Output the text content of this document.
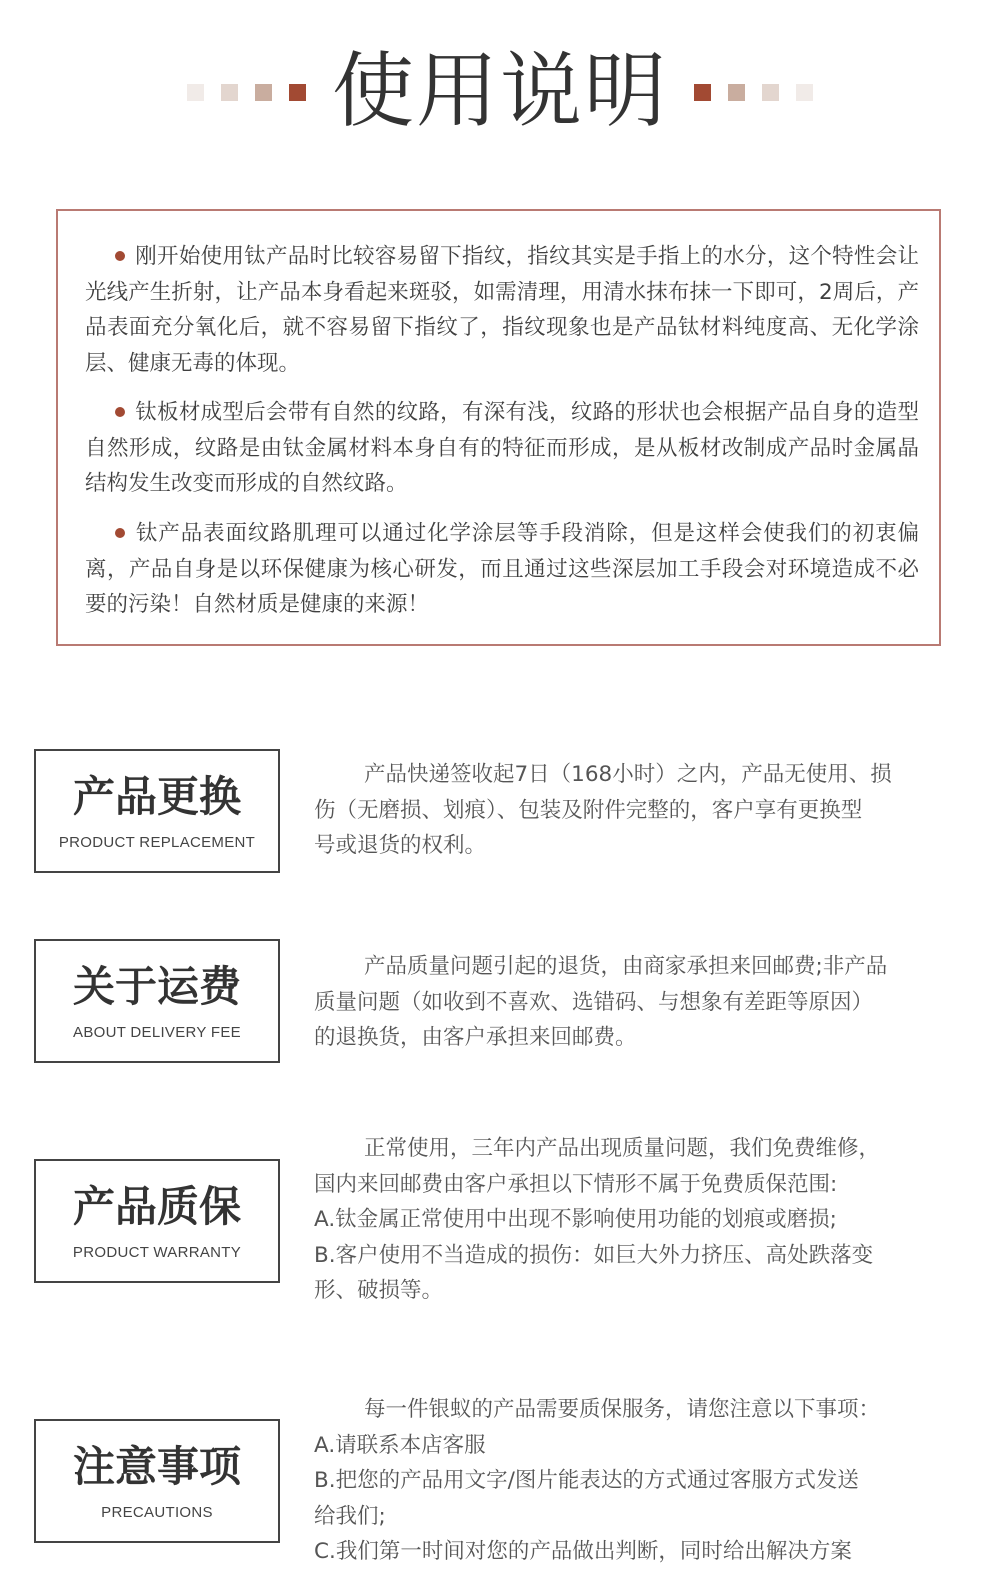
使用说明

刚开始使用钛产品时比较容易留下指纹，指纹其实是手指上的水分，这个特性会让光线产生折射，让产品本身看起来斑驳，如需清理，用清水抹布抹一下即可，2周后，产品表面充分氧化后，就不容易留下指纹了，指纹现象也是产品钛材料纯度高、无化学涂层、健康无毒的体现。

钛板材成型后会带有自然的纹路，有深有浅，纹路的形状也会根据产品自身的造型自然形成，纹路是由钛金属材料本身自有的特征而形成，是从板材改制成产品时金属晶结构发生改变而形成的自然纹路。

钛产品表面纹路肌理可以通过化学涂层等手段消除，但是这样会使我们的初衷偏离，产品自身是以环保健康为核心研发，而且通过这些深层加工手段会对环境造成不必要的污染！自然材质是健康的来源！

产品更换
PRODUCT REPLACEMENT
产品快递签收起7日（168小时）之内，产品无使用、损
伤（无磨损、划痕）、包装及附件完整的，客户享有更换型
号或退货的权利。
关于运费
ABOUT DELIVERY FEE
产品质量问题引起的退货，由商家承担来回邮费;非产品
质量问题（如收到不喜欢、选错码、与想象有差距等原因）
的退换货，由客户承担来回邮费。
产品质保
PRODUCT WARRANTY
正常使用，三年内产品出现质量问题，我们免费维修，
国内来回邮费由客户承担以下情形不属于免费质保范围:
A.钛金属正常使用中出现不影响使用功能的划痕或磨损;
B.客户使用不当造成的损伤：如巨大外力挤压、高处跌落变
形、破损等。
注意事项
PRECAUTIONS
每一件银蚁的产品需要质保服务，请您注意以下事项：
A.请联系本店客服
B.把您的产品用文字/图片能表达的方式通过客服方式发送
给我们;
C.我们第一时间对您的产品做出判断，同时给出解决方案
